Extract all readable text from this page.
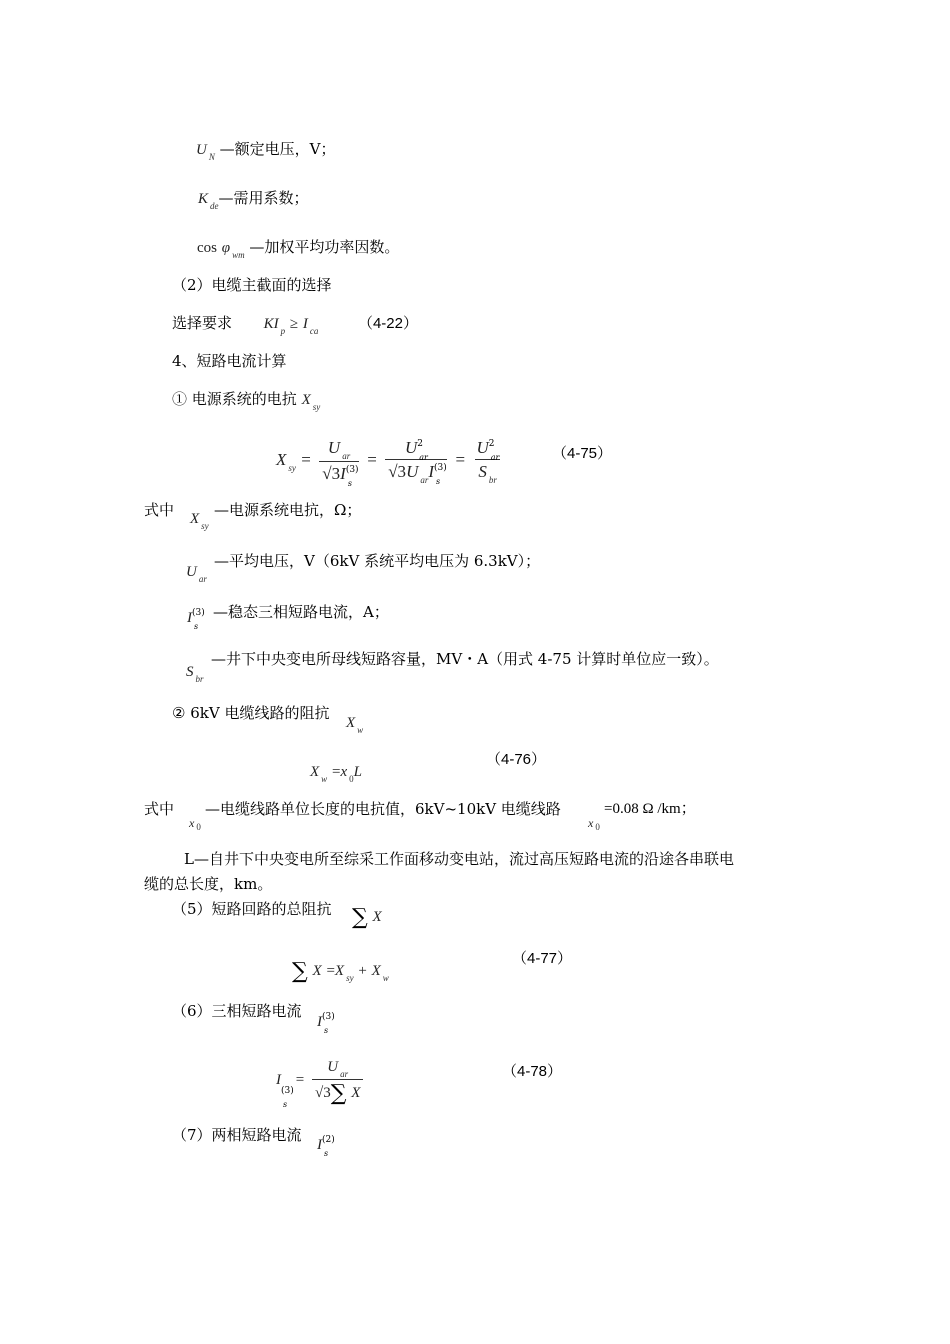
U $_N$ —额定电压，V；
K $_{de}$—需用系数；
cos φ $_{wm}$ —加权平均功率因数。
（2）电缆主截面的选择
选择要求 KI $_p$ ≥ I $_{ca}$	（4-22）
4、短路电流计算
① 电源系统的电抗 X $_{sy}$
X $_{sy}$ = U $_{ar}$
√3I (3)
s = U 2
ar
√3U $_{ar}$I (3)
s = U 2
ar
S $_{br}$	（4-75）
式中 X $_{sy}$
—电源系统电抗，Ω；
U $_{ar}$
—平均电压，V（6kV 系统平均电压为 6.3kV）；
I (3)
s
—稳态三相短路电流，A；
S $_{br}$
—井下中央变电所母线短路容量，MV・A（用式 4-75 计算时单位应一致）。
② 6kV 电缆线路的阻抗
X $_w$
X $_w$ =x $_0$L
（4-76）
式中
x $_0$
—电缆线路单位长度的电抗值，6kV~10kV 电缆线路
x $_0$
=0.08 Ω /km；
L—自井下中央变电所至综采工作面移动变电站，流过高压短路电流的沿途各串联电
缆的总长度，km。
（5）短路回路的总阻抗 ∑ X
∑ X =X $_{sy}$ + X $_w$
（4-77）
（6）三相短路电流
I (3)
s
I
(3)
s
= $\frac{U _{ar}}{√3\sum X}$	（4-78）
（7）两相短路电流
I (2)
s
